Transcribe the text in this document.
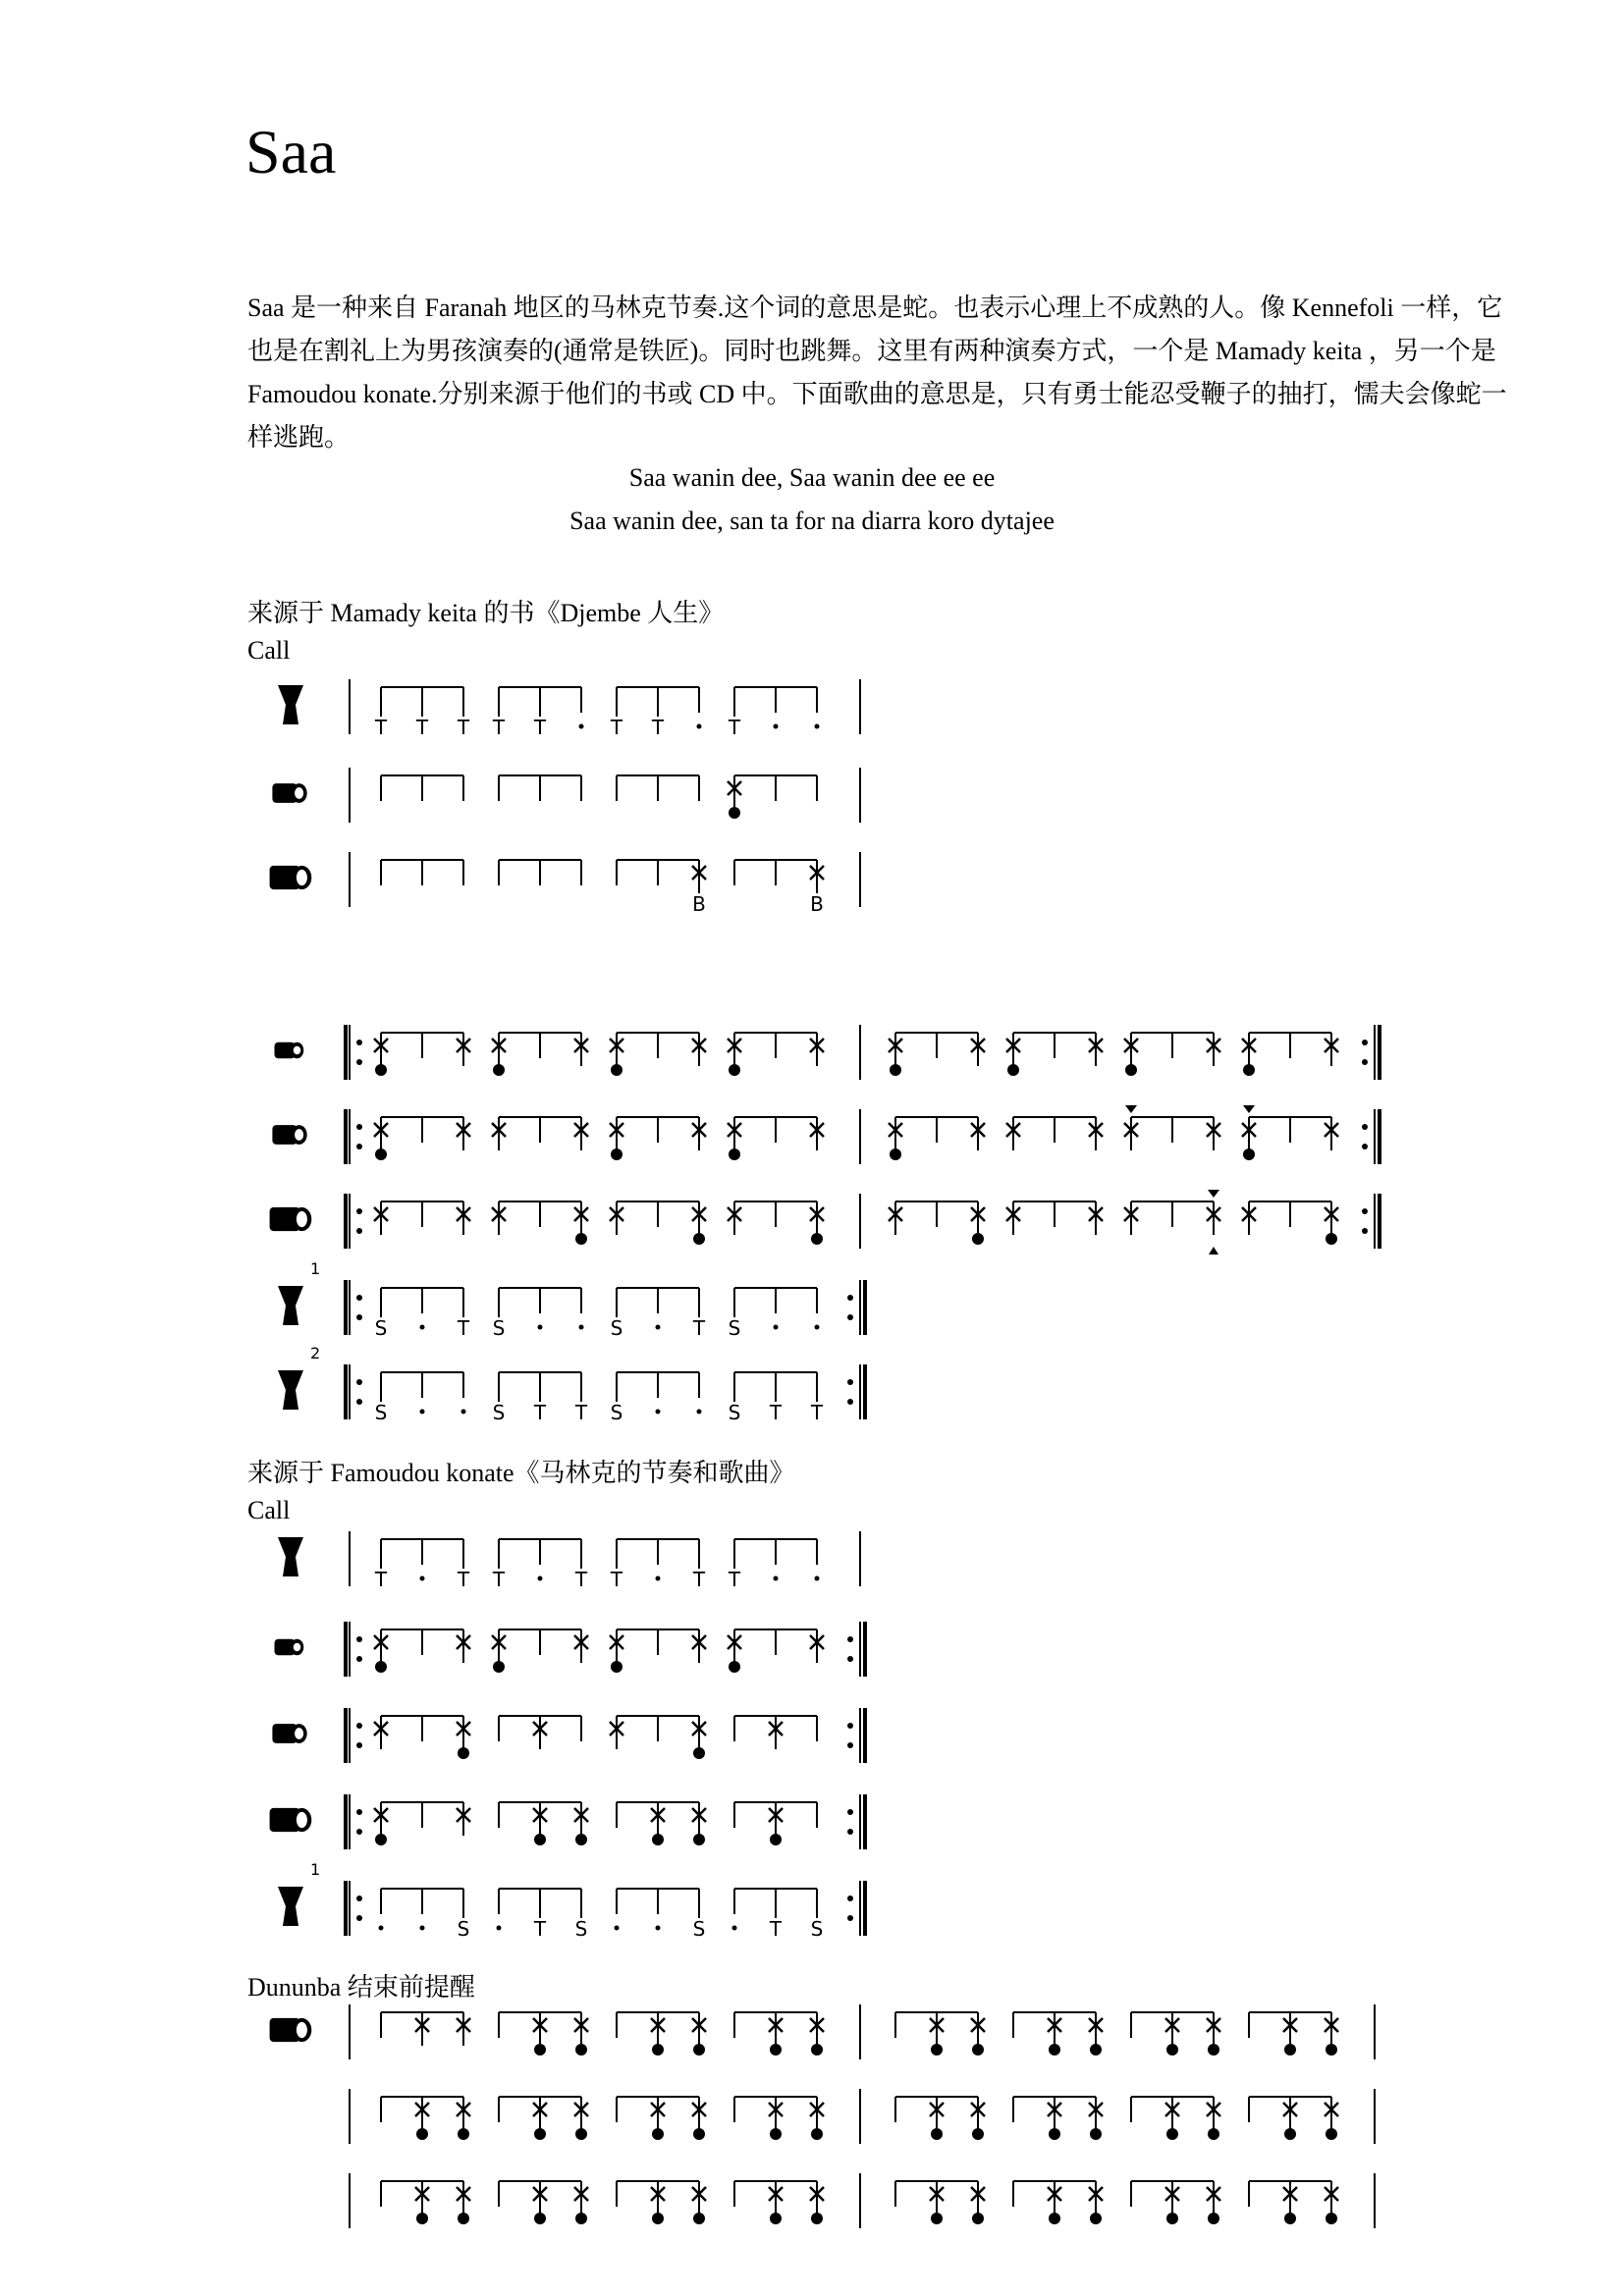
Saa

Saa 是一种来自 Faranah 地区的马林克节奏.这个词的意思是蛇。也表示心理上不成熟的人。像 Kennefoli 一样，它也是在割礼上为男孩演奏的(通常是铁匠)。同时也跳舞。这里有两种演奏方式，一个是 Mamady keita ，另一个是 Famoudou konate.分别来源于他们的书或 CD 中。下面歌曲的意思是，只有勇士能忍受鞭子的抽打，懦夫会像蛇一样逃跑。

Saa wanin dee, Saa wanin dee ee ee
Saa wanin dee, san ta for na diarra koro dytajee
来源于 Mamady keita 的书《Djembe 人生》
Call
来源于 Famoudou konate《马林克的节奏和歌曲》
Call
Dununba 结束前提醒
T T T T T	T T	T
B	B
1
S	T S	S	T S
2
S	S T T S	S T T
T	T T	T T	T T
1
S	T S	S	T S
